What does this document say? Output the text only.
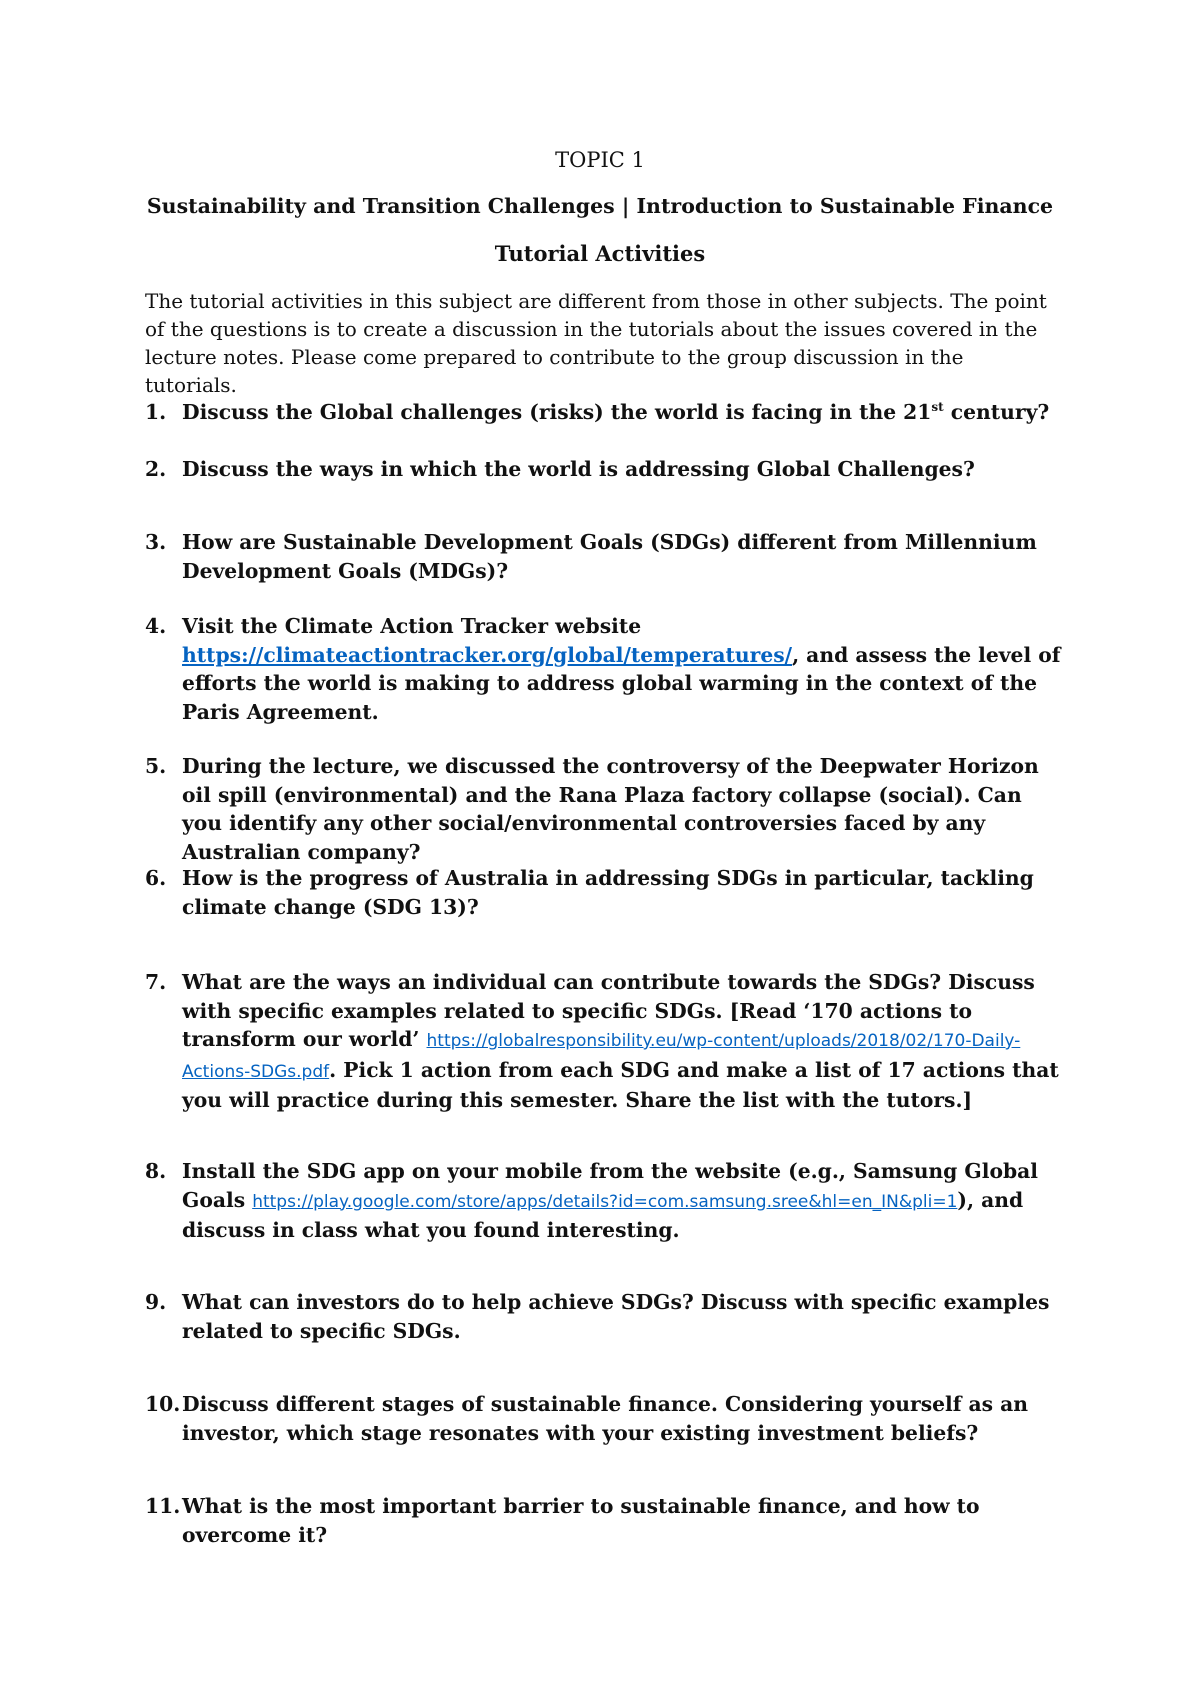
TOPIC 1
Sustainability and Transition Challenges | Introduction to Sustainable Finance
Tutorial Activities
The tutorial activities in this subject are different from those in other subjects. The point of the questions is to create a discussion in the tutorials about the issues covered in the lecture notes. Please come prepared to contribute to the group discussion in the tutorials.
1. Discuss the Global challenges (risks) the world is facing in the 21st century?
2. Discuss the ways in which the world is addressing Global Challenges?
3. How are Sustainable Development Goals (SDGs) different from Millennium Development Goals (MDGs)?
4. Visit the Climate Action Tracker website
https://climateactiontracker.org/global/temperatures/, and assess the level of efforts the world is making to address global warming in the context of the Paris Agreement.
5. During the lecture, we discussed the controversy of the Deepwater Horizon oil spill (environmental) and the Rana Plaza factory collapse (social). Can you identify any other social/environmental controversies faced by any Australian company?
6. How is the progress of Australia in addressing SDGs in particular, tackling climate change (SDG 13)?
7. What are the ways an individual can contribute towards the SDGs? Discuss with specific examples related to specific SDGs. [Read ‘170 actions to transform our world’ https://globalresponsibility.eu/wp-content/uploads/2018/02/170-Daily-Actions-SDGs.pdf. Pick 1 action from each SDG and make a list of 17 actions that you will practice during this semester. Share the list with the tutors.]
8. Install the SDG app on your mobile from the website (e.g., Samsung Global Goals https://play.google.com/store/apps/details?id=com.samsung.sree&hl=en_IN&pli=1), and discuss in class what you found interesting.
9. What can investors do to help achieve SDGs? Discuss with specific examples related to specific SDGs.
10. Discuss different stages of sustainable finance. Considering yourself as an investor, which stage resonates with your existing investment beliefs?
11. What is the most important barrier to sustainable finance, and how to overcome it?
